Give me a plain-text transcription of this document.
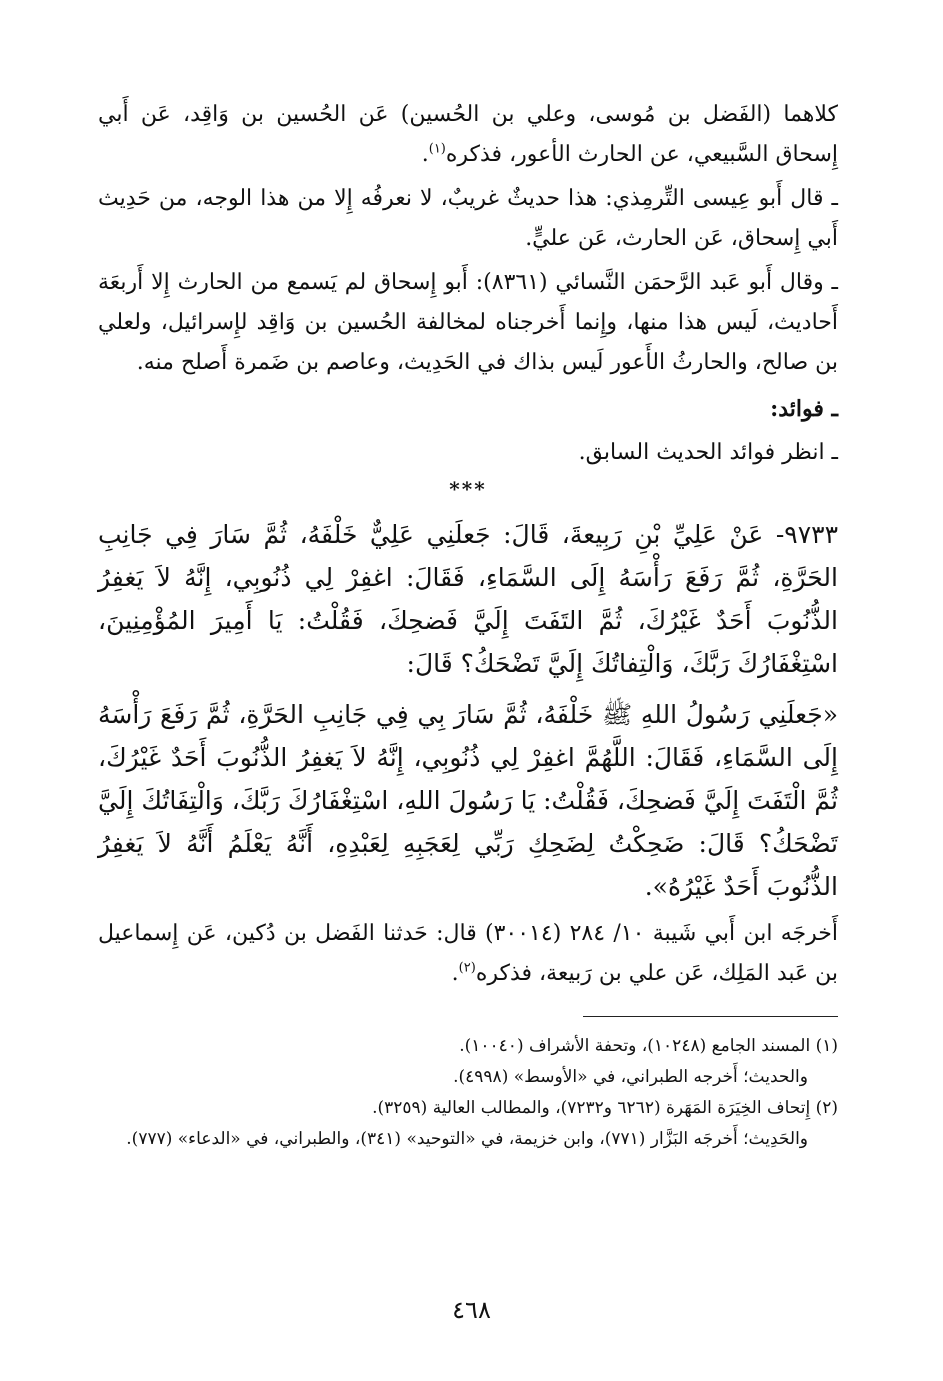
كلاهما (الفَضل بن مُوسى، وعلي بن الحُسين) عَن الحُسين بن وَاقِد، عَن أَبي إِسحاق السَّبيعي، عن الحارث الأعور، فذكره$^{(١)}$.

ـ قال أَبو عِيسى التِّرمِذي: هذا حديثٌ غريبٌ، لا نعرفُه إِلا من هذا الوجه، من حَدِيث أَبي إِسحاق، عَن الحارث، عَن عليٍّ.

ـ وقال أَبو عَبد الرَّحمَن النَّسائي (٨٣٦١): أَبو إِسحاق لم يَسمع من الحارث إِلا أَربعَة أَحاديث، لَيس هذا منها، وإِنما أَخرجناه لمخالفة الحُسين بن وَاقِد لإِسرائيل، ولعلي بن صالح، والحارثُ الأَعور لَيس بذاك في الحَدِيث، وعاصم بن ضَمرة أَصلح منه.

ـ فوائد:

ـ انظر فوائد الحديث السابق.

***

٩٧٣٣- عَنْ عَلِيِّ بْنِ رَبِيعةَ، قَالَ: جَعلَنِي عَلِيٌّ خَلْفَهُ، ثُمَّ سَارَ فِي جَانِبِ الحَرَّةِ، ثُمَّ رَفَعَ رَأْسَهُ إِلَى السَّمَاءِ، فَقَالَ: اغفِرْ لِي ذُنُوبِي، إِنَّهُ لاَ يَغفِرُ الذُّنُوبَ أَحَدٌ غَيْرُكَ، ثُمَّ التَفَتَ إِلَيَّ فَضحِكَ، فَقُلْتُ: يَا أَمِيرَ المُؤْمِنِينَ، اسْتِغْفَارُكَ رَبَّكَ، وَالْتِفاتُكَ إِلَيَّ تَضْحَكُ؟ قَالَ:

«جَعلَنِي رَسُولُ اللهِ ﷺ خَلْفَهُ، ثُمَّ سَارَ بِي فِي جَانِبِ الحَرَّةِ، ثُمَّ رَفَعَ رَأْسَهُ إِلَى السَّمَاءِ، فَقَالَ: اللَّهُمَّ اغفِرْ لِي ذُنُوبِي، إِنَّهُ لاَ يَغفِرُ الذُّنُوبَ أَحَدٌ غَيْرُكَ، ثُمَّ الْتَفَتَ إِلَيَّ فَضحِكَ، فَقُلْتُ: يَا رَسُولَ اللهِ، اسْتِغْفَارُكَ رَبَّكَ، وَالْتِفَاتُكَ إِلَيَّ تَضْحَكُ؟ قَالَ: ضَحِكْتُ لِضَحِكِ رَبِّي لِعَجَبِهِ لِعَبْدِهِ، أَنَّهُ يَعْلَمُ أَنَّهُ لاَ يَغفِرُ الذُّنُوبَ أَحَدٌ غَيْرُهُ».

أَخرجَه ابن أَبي شَيبة ١٠/ ٢٨٤ (٣٠٠١٤) قال: حَدثنا الفَضل بن دُكين، عَن إِسماعيل بن عَبد المَلِك، عَن علي بن رَبيعة، فذكره$^{(٢)}$.

(١) المسند الجامع (١٠٢٤٨)، وتحفة الأشراف (١٠٠٤٠).

والحديث؛ أَخرجه الطبراني، في «الأوسط» (٤٩٩٨).

(٢) إِتحاف الخِيَرَة المَهَرة (٦٢٦٢ و٧٢٣٢)، والمطالب العالية (٣٢٥٩).

والحَدِيث؛ أَخرجَه البَزَّار (٧٧١)، وابن خزيمة، في «التوحيد» (٣٤١)، والطبراني، في «الدعاء» (٧٧٧).

٤٦٨
